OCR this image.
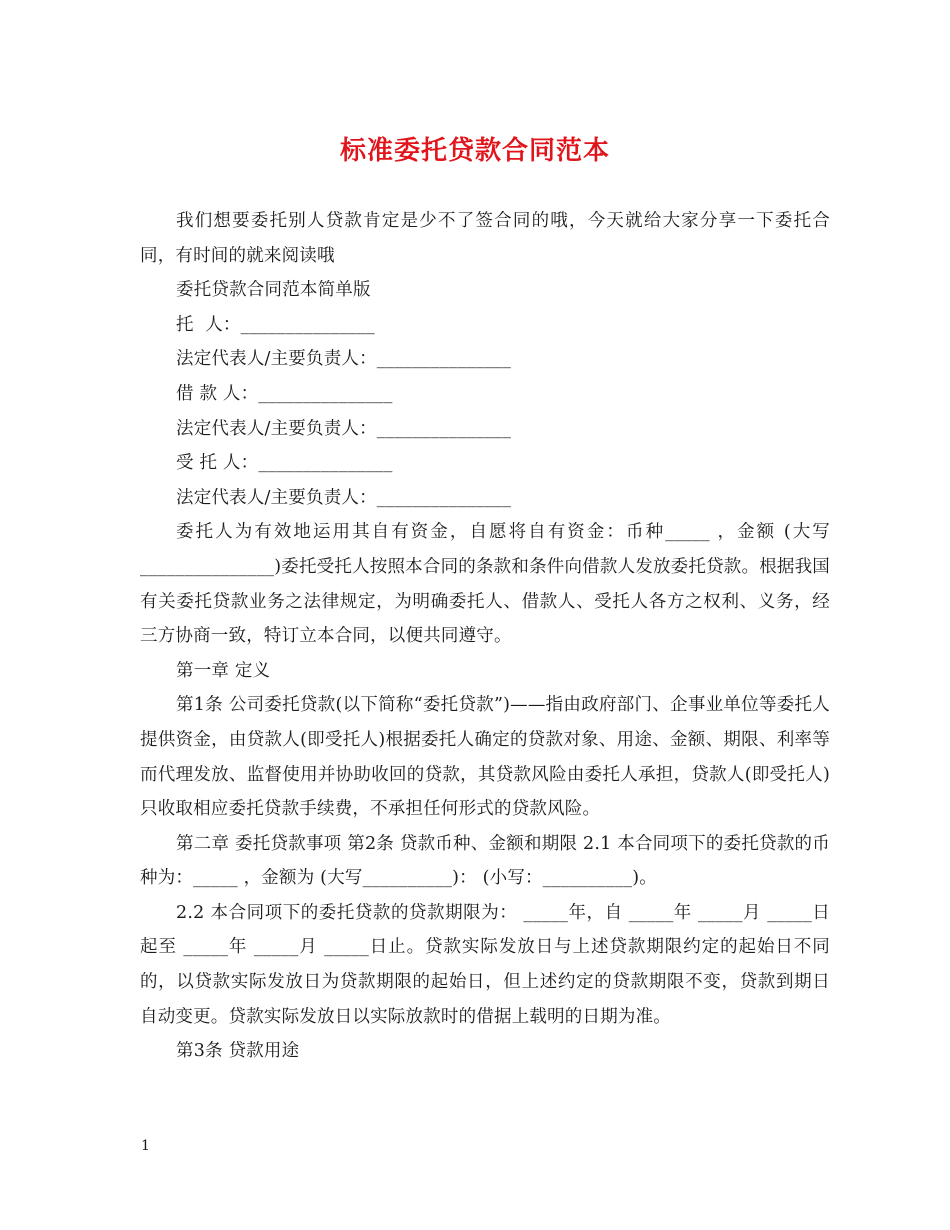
标准委托贷款合同范本

我们想要委托别人贷款肯定是少不了签合同的哦，今天就给大家分享一下委托合同，有时间的就来阅读哦

委托贷款合同范本简单版

托  人：_______________

法定代表人/主要负责人：_______________

借 款 人：_______________

法定代表人/主要负责人：_______________

受 托 人：_______________

法定代表人/主要负责人：_______________

委托人为有效地运用其自有资金，自愿将自有资金：币种_____ ，金额 (大写_______________)委托受托人按照本合同的条款和条件向借款人发放委托贷款。根据我国有关委托贷款业务之法律规定，为明确委托人、借款人、受托人各方之权利、义务，经三方协商一致，特订立本合同，以便共同遵守。

第一章 定义

第1条 公司委托贷款(以下简称“委托贷款”)——指由政府部门、企事业单位等委托人提供资金，由贷款人(即受托人)根据委托人确定的贷款对象、用途、金额、期限、利率等而代理发放、监督使用并协助收回的贷款，其贷款风险由委托人承担，贷款人(即受托人)只收取相应委托贷款手续费，不承担任何形式的贷款风险。

第二章 委托贷款事项 第2条 贷款币种、金额和期限 2.1 本合同项下的委托贷款的币种为：_____ ，金额为 (大写__________)： (小写：__________)。

2.2 本合同项下的委托贷款的贷款期限为： _____年，自 _____年 _____月 _____日起至 _____年 _____月 _____日止。贷款实际发放日与上述贷款期限约定的起始日不同的，以贷款实际发放日为贷款期限的起始日，但上述约定的贷款期限不变，贷款到期日自动变更。贷款实际发放日以实际放款时的借据上载明的日期为准。

第3条 贷款用途

1
